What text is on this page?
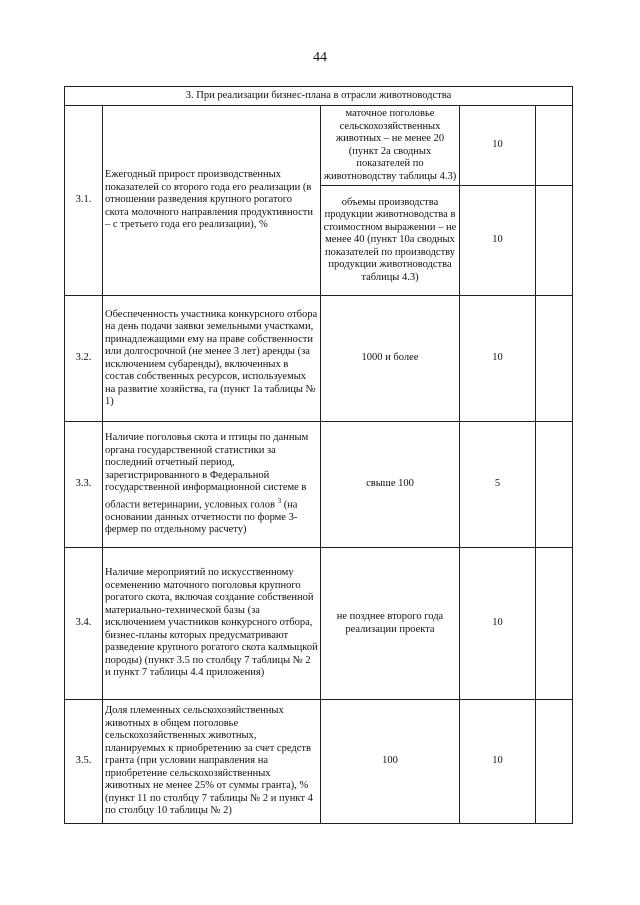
44
3. При реализации бизнес-плана в отрасли животноводства				
3.1.	Ежегодный прирост производственных показателей со второго года его реализации (в отношении разведения крупного рогатого скота молочного направления продуктивности – с третьего года его реализации), %	маточное поголовье сельскохозяйственных животных – не менее 20 (пункт 2а сводных показателей по животноводству таблицы 4.3)	10	
		объемы производства продукции животноводства в стоимостном выражении – не менее 40 (пункт 10а сводных показателей по производству продукции животноводства таблицы 4.3)	10	
3.2.	Обеспеченность участника конкурсного отбора на день подачи заявки земельными участками, принадлежащими ему на праве собственности или долгосрочной (не менее 3 лет) аренды (за исключением субаренды), включенных в состав собственных ресурсов, используемых на развитие хозяйства, га (пункт 1а таблицы № 1)	1000 и более	10	
3.3.	Наличие поголовья скота и птицы по данным органа государственной статистики за последний отчетный период, зарегистрированного в Федеральной государственной информационной системе в области ветеринарии, условных голов $^3$ (на основании данных отчетности по форме 3-фермер по отдельному расчету)	свыше 100	5	
3.4.	Наличие мероприятий по искусственному осеменению маточного поголовья крупного рогатого скота, включая создание собственной материально-технической базы (за исключением участников конкурсного отбора, бизнес-планы которых предусматривают разведение крупного рогатого скота калмыцкой породы) (пункт 3.5 по столбцу 7 таблицы № 2 и пункт 7 таблицы 4.4 приложения)	не позднее второго года реализации проекта	10	
3.5.	Доля племенных сельскохозяйственных животных в общем поголовье сельскохозяйственных животных, планируемых к приобретению за счет средств гранта (при условии направления на приобретение сельскохозяйственных животных не менее 25% от суммы гранта), % (пункт 11 по столбцу 7 таблицы № 2 и пункт 4 по столбцу 10 таблицы № 2)	100	10	
